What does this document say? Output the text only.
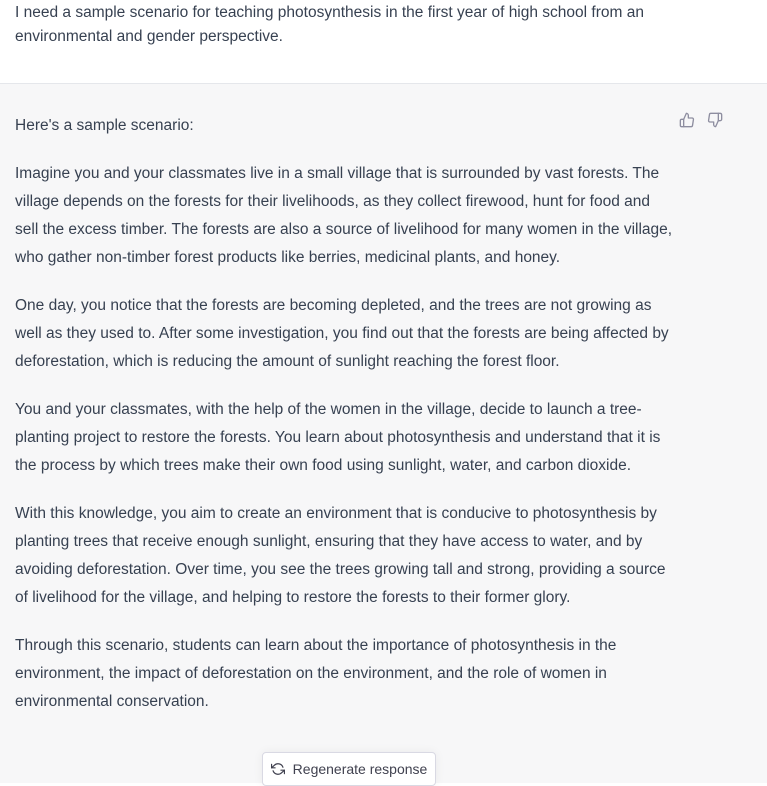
I need a sample scenario for teaching photosynthesis in the first year of high school from an environmental and gender perspective.

Here's a sample scenario:

Imagine you and your classmates live in a small village that is surrounded by vast forests. The village depends on the forests for their livelihoods, as they collect firewood, hunt for food and sell the excess timber. The forests are also a source of livelihood for many women in the village, who gather non-timber forest products like berries, medicinal plants, and honey.

One day, you notice that the forests are becoming depleted, and the trees are not growing as well as they used to. After some investigation, you find out that the forests are being affected by deforestation, which is reducing the amount of sunlight reaching the forest floor.

You and your classmates, with the help of the women in the village, decide to launch a tree-planting project to restore the forests. You learn about photosynthesis and understand that it is the process by which trees make their own food using sunlight, water, and carbon dioxide.

With this knowledge, you aim to create an environment that is conducive to photosynthesis by planting trees that receive enough sunlight, ensuring that they have access to water, and by avoiding deforestation. Over time, you see the trees growing tall and strong, providing a source of livelihood for the village, and helping to restore the forests to their former glory.

Through this scenario, students can learn about the importance of photosynthesis in the environment, the impact of deforestation on the environment, and the role of women in environmental conservation.

Regenerate response
